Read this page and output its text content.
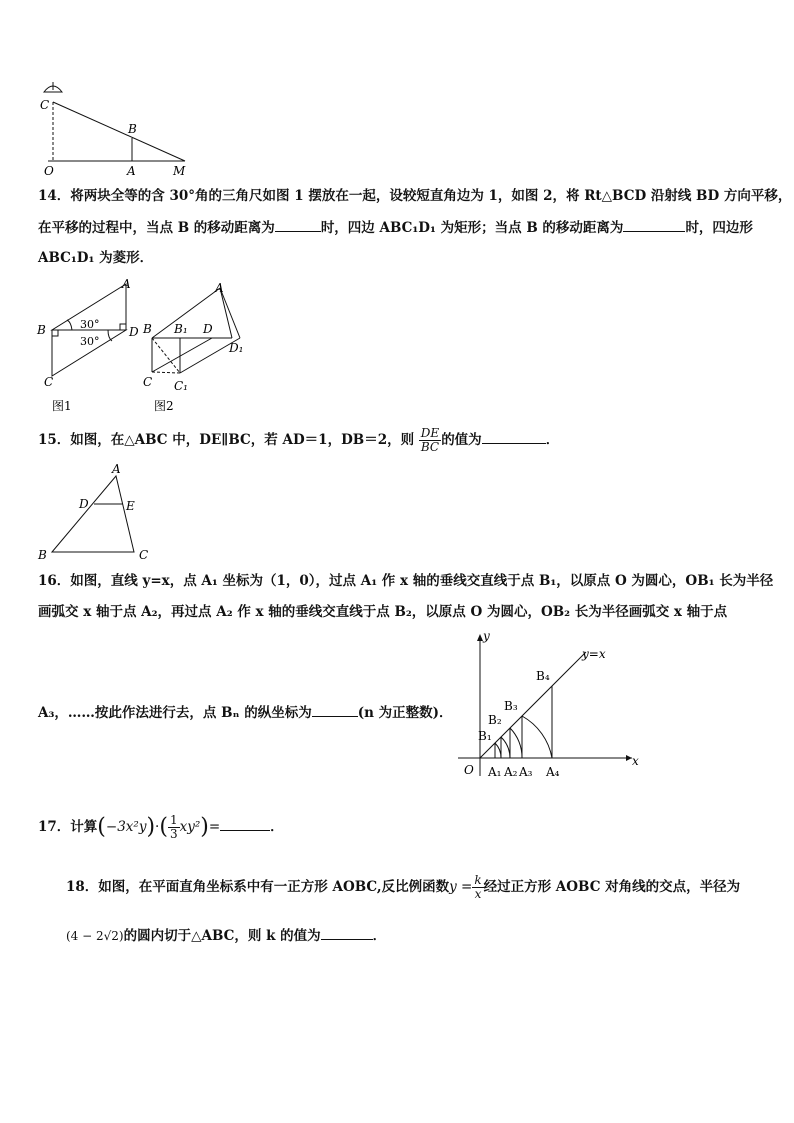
C
B
O	A	M
14．将两块全等的含 30°角的三角尺如图 1 摆放在一起，设较短直角边为 1，如图 2，将 Rt△BCD 沿射线 BD 方向平移，
在平移的过程中，当点 B 的移动距离为	时，四边 ABC₁D₁ 为矩形；当点 B 的移动距离为	时，四边形
ABC₁D₁ 为菱形．
A
B	D
C
30°
30°
图1
A
B B₁ D
D₁
C C₁
图2
15．如图，在△ABC 中，DE∥BC，若 AD＝1，DB＝2，则 $\frac{DE}{BC}$ 的值为	．
A
D	E
B	C
16．如图，直线 y=x，点 A₁ 坐标为（1，0），过点 A₁ 作 x 轴的垂线交直线于点 B₁，以原点 O 为圆心，OB₁ 长为半径
画弧交 x 轴于点 A₂，再过点 A₂ 作 x 轴的垂线交直线于点 B₂，以原点 O 为圆心，OB₂ 长为半径画弧交 x 轴于点
A₃，……按此作法进行去，点 Bₙ 的纵坐标为	(n 为正整数)．
y
x
O
y=x
B₁
B₂
B₃
B₄
A₁ A₂ A₃ A₄
17．计算$(-3x^2y)\cdot( \frac{1}{3} xy^2)=$	．
18．如图，在平面直角坐标系中有一正方形 AOBC,反比例函数$y = \frac{k}{x}$ 经过正方形 AOBC 对角线的交点，半径为
(4 − 2√2)的圆内切于△ABC，则 k 的值为	．
